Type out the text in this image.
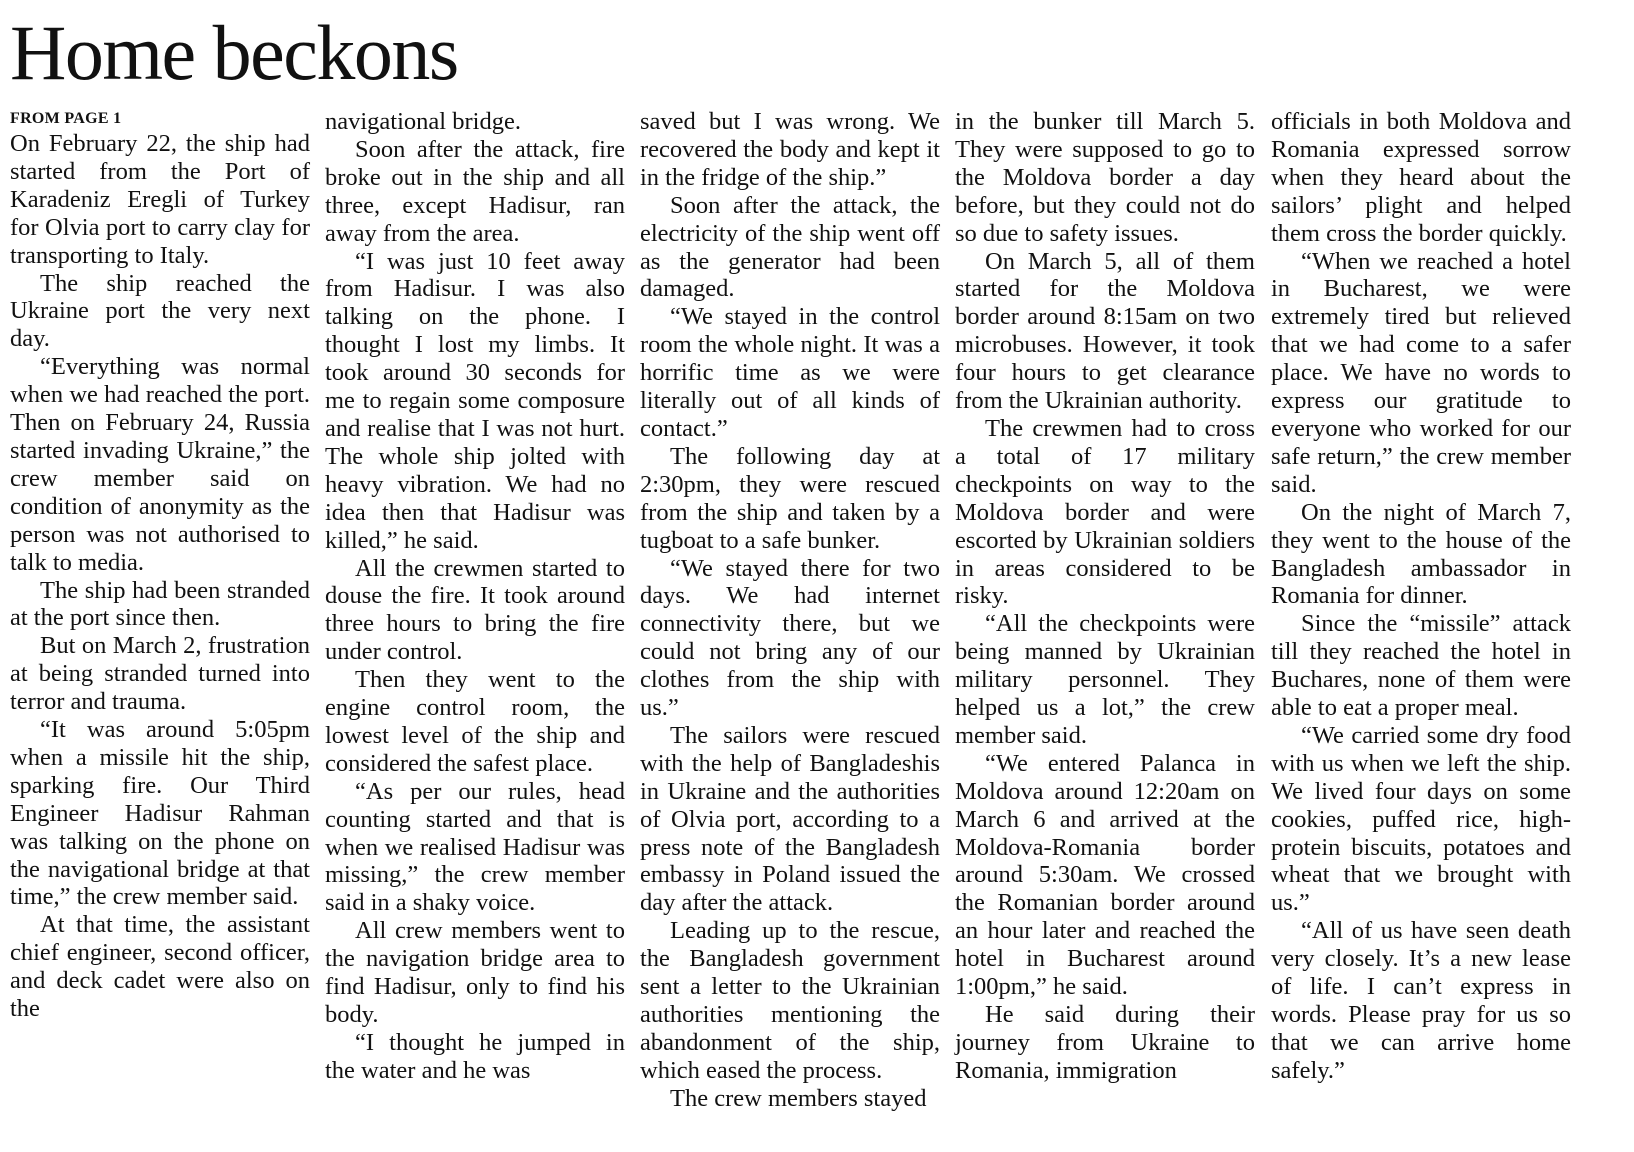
Home beckons
FROM PAGE 1

On February 22, the ship had started from the Port of Karadeniz Eregli of Turkey for Olvia port to carry clay for transporting to Italy.

The ship reached the Ukraine port the very next day.

“Everything was normal when we had reached the port. Then on February 24, Russia started invading Ukraine,” the crew member said on condition of anonymity as the person was not authorised to talk to media.

The ship had been stranded at the port since then.

But on March 2, frustration at being stranded turned into terror and trauma.

“It was around 5:05pm when a missile hit the ship, sparking fire. Our Third Engineer Hadisur Rahman was talking on the phone on the navigational bridge at that time,” the crew member said.

At that time, the assistant chief engineer, second officer, and deck cadet were also on the

navigational bridge.

Soon after the attack, fire broke out in the ship and all three, except Hadisur, ran away from the area.

“I was just 10 feet away from Hadisur. I was also talking on the phone. I thought I lost my limbs. It took around 30 seconds for me to regain some composure and realise that I was not hurt. The whole ship jolted with heavy vibration. We had no idea then that Hadisur was killed,” he said.

All the crewmen started to douse the fire. It took around three hours to bring the fire under control.

Then they went to the engine control room, the lowest level of the ship and considered the safest place.

“As per our rules, head counting started and that is when we realised Hadisur was missing,” the crew member said in a shaky voice.

All crew members went to the navigation bridge area to find Hadisur, only to find his body.

“I thought he jumped in the water and he was

saved but I was wrong. We recovered the body and kept it in the fridge of the ship.”

Soon after the attack, the electricity of the ship went off as the generator had been damaged.

“We stayed in the control room the whole night. It was a horrific time as we were literally out of all kinds of contact.”

The following day at 2:30pm, they were rescued from the ship and taken by a tugboat to a safe bunker.

“We stayed there for two days. We had internet connectivity there, but we could not bring any of our clothes from the ship with us.”

The sailors were rescued with the help of Bangladeshis in Ukraine and the authorities of Olvia port, according to a press note of the Bangladesh embassy in Poland issued the day after the attack.

Leading up to the rescue, the Bangladesh government sent a letter to the Ukrainian authorities mentioning the abandonment of the ship, which eased the process.

The crew members stayed

in the bunker till March 5. They were supposed to go to the Moldova border a day before, but they could not do so due to safety issues.

On March 5, all of them started for the Moldova border around 8:15am on two microbuses. However, it took four hours to get clearance from the Ukrainian authority.

The crewmen had to cross a total of 17 military checkpoints on way to the Moldova border and were escorted by Ukrainian soldiers in areas considered to be risky.

“All the checkpoints were being manned by Ukrainian military personnel. They helped us a lot,” the crew member said.

“We entered Palanca in Moldova around 12:20am on March 6 and arrived at the Moldova-Romania border around 5:30am. We crossed the Romanian border around an hour later and reached the hotel in Bucharest around 1:00pm,” he said.

He said during their journey from Ukraine to Romania, immigration

officials in both Moldova and Romania expressed sorrow when they heard about the sailors’ plight and helped them cross the border quickly.

“When we reached a hotel in Bucharest, we were extremely tired but relieved that we had come to a safer place. We have no words to express our gratitude to everyone who worked for our safe return,” the crew member said.

On the night of March 7, they went to the house of the Bangladesh ambassador in Romania for dinner.

Since the “missile” attack till they reached the hotel in Buchares, none of them were able to eat a proper meal.

“We carried some dry food with us when we left the ship. We lived four days on some cookies, puffed rice, high-protein biscuits, potatoes and wheat that we brought with us.”

“All of us have seen death very closely. It’s a new lease of life. I can’t express in words. Please pray for us so that we can arrive home safely.”
